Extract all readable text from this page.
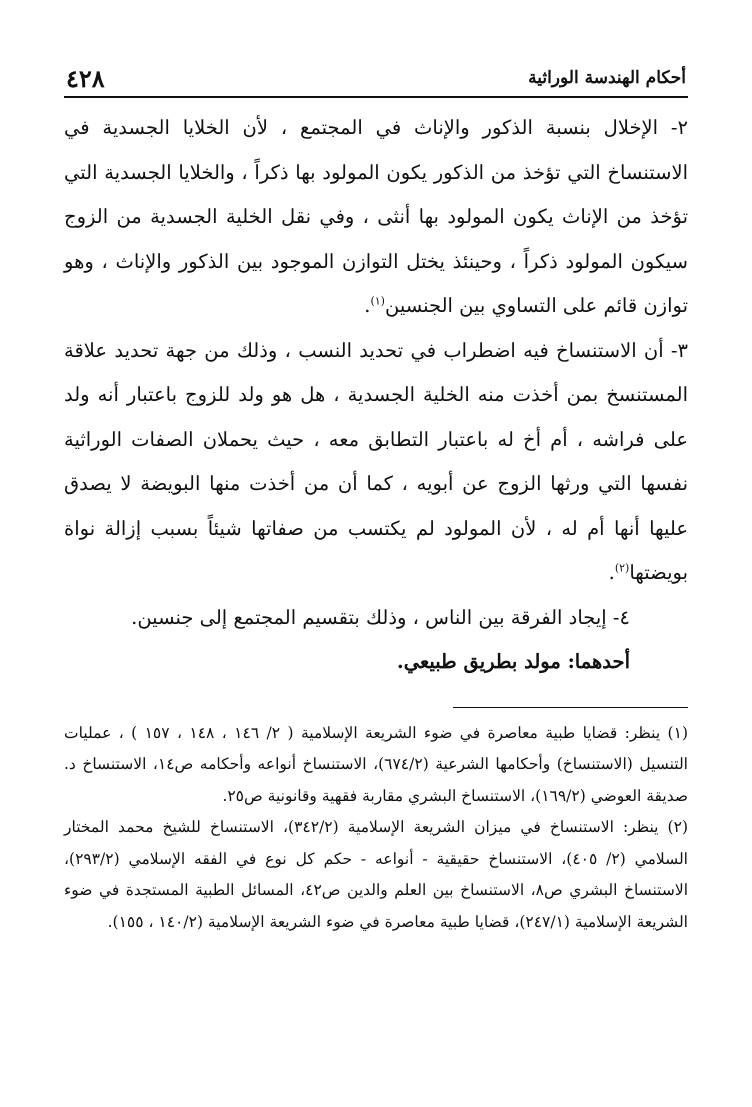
أحكام الهندسة الوراثية
٤٢٨

٢- الإخلال بنسبة الذكور والإناث في المجتمع ، لأن الخلايا الجسدية في الاستنساخ التي تؤخذ من الذكور يكون المولود بها ذكراً ، والخلايا الجسدية التي تؤخذ من الإناث يكون المولود بها أنثى ، وفي نقل الخلية الجسدية من الزوج سيكون المولود ذكراً ، وحينئذ يختل التوازن الموجود بين الذكور والإناث ، وهو توازن قائم على التساوي بين الجنسين$^{(١)}$.

٣- أن الاستنساخ فيه اضطراب في تحديد النسب ، وذلك من جهة تحديد علاقة المستنسخ بمن أخذت منه الخلية الجسدية ، هل هو ولد للزوج باعتبار أنه ولد على فراشه ، أم أخ له باعتبار التطابق معه ، حيث يحملان الصفات الوراثية نفسها التي ورثها الزوج عن أبويه ، كما أن من أخذت منها البويضة لا يصدق عليها أنها أم له ، لأن المولود لم يكتسب من صفاتها شيئاً بسبب إزالة نواة بويضتها$^{(٢)}$.

٤- إيجاد الفرقة بين الناس ، وذلك بتقسيم المجتمع إلى جنسين.

أحدهما: مولد بطريق طبيعي.

(١) ينظر: قضايا طبية معاصرة في ضوء الشريعة الإسلامية ( ٢/ ١٤٦ ، ١٤٨ ، ١٥٧ ) ، عمليات التنسيل (الاستنساخ) وأحكامها الشرعية (٦٧٤/٢)، الاستنساخ أنواعه وأحكامه ص١٤، الاستنساخ د. صديقة العوضي (١٦٩/٢)، الاستنساخ البشري مقاربة فقهية وقانونية ص٢٥.

(٢) ينظر: الاستنساخ في ميزان الشريعة الإسلامية (٣٤٢/٢)، الاستنساخ للشيخ محمد المختار السلامي (٢/ ٤٠٥)، الاستنساخ حقيقية - أنواعه - حكم كل نوع في الفقه الإسلامي (٢٩٣/٢)، الاستنساخ البشري ص٨، الاستنساخ بين العلم والدين ص٤٢، المسائل الطبية المستجدة في ضوء الشريعة الإسلامية (٢٤٧/١)، قضايا طبية معاصرة في ضوء الشريعة الإسلامية (١٤٠/٢ ، ١٥٥).
